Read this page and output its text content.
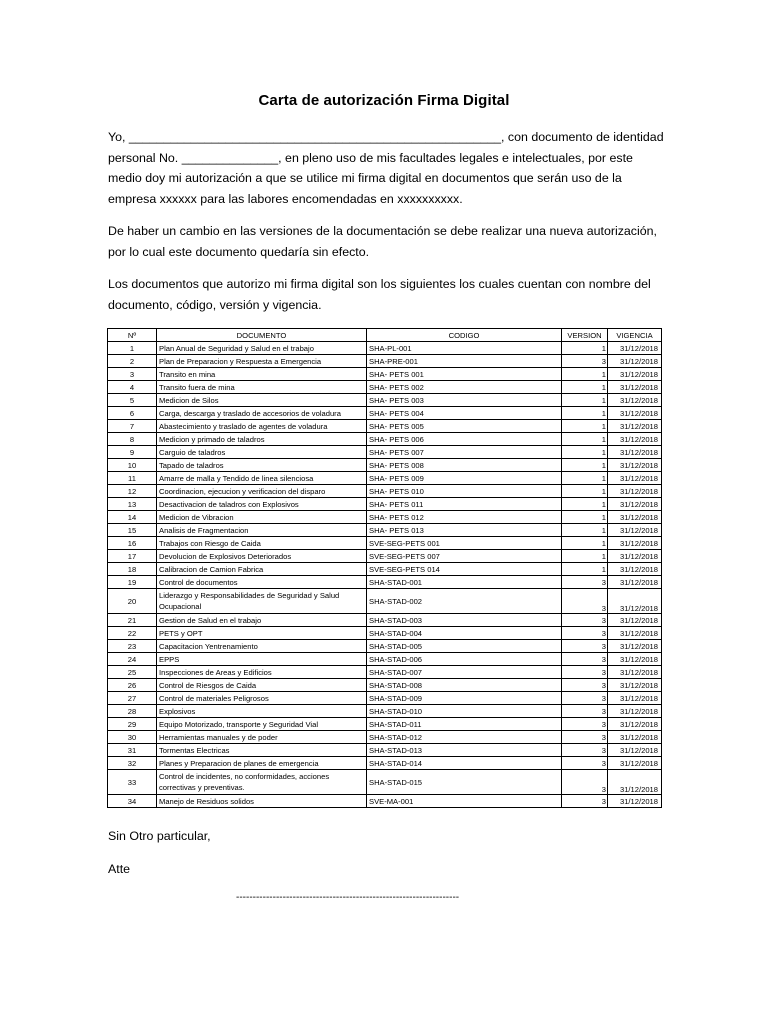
Carta de autorización Firma Digital

Yo, ______________________________________________________, con documento de identidad personal No. ______________, en pleno uso de mis facultades legales e intelectuales, por este medio doy mi autorización a que se utilice mi firma digital en documentos que serán uso de la empresa xxxxxx para las labores encomendadas en xxxxxxxxxx.

De haber un cambio en las versiones de la documentación se debe realizar una nueva autorización, por lo cual este documento quedaría sin efecto.

Los documentos que autorizo mi firma digital son los siguientes los cuales cuentan con nombre del documento, código, versión y vigencia.

Nº	DOCUMENTO	CODIGO	VERSION	VIGENCIA
1	Plan Anual de Seguridad y Salud en el trabajo	SHA-PL-001	1	31/12/2018
2	Plan de Preparacion y Respuesta a Emergencia	SHA-PRE-001	3	31/12/2018
3	Transito en mina	SHA- PETS 001	1	31/12/2018
4	Transito fuera de mina	SHA- PETS 002	1	31/12/2018
5	Medicion de Silos	SHA- PETS 003	1	31/12/2018
6	Carga, descarga y traslado de accesorios de voladura	SHA- PETS 004	1	31/12/2018
7	Abastecimiento y traslado de agentes de voladura	SHA- PETS 005	1	31/12/2018
8	Medicion y primado de taladros	SHA- PETS 006	1	31/12/2018
9	Carguio de taladros	SHA- PETS 007	1	31/12/2018
10	Tapado de taladros	SHA- PETS 008	1	31/12/2018
11	Amarre de malla y Tendido de linea silenciosa	SHA- PETS 009	1	31/12/2018
12	Coordinacion, ejecucion y verificacion del disparo	SHA- PETS 010	1	31/12/2018
13	Desactivacion de taladros con Explosivos	SHA- PETS 011	1	31/12/2018
14	Medicion de Vibracion	SHA- PETS 012	1	31/12/2018
15	Analisis de Fragmentacion	SHA- PETS 013	1	31/12/2018
16	Trabajos con Riesgo de Caida	SVE-SEG-PETS 001	1	31/12/2018
17	Devolucion de Explosivos Deteriorados	SVE-SEG-PETS 007	1	31/12/2018
18	Calibracion de Camion Fabrica	SVE-SEG-PETS 014	1	31/12/2018
19	Control de documentos	SHA-STAD-001	3	31/12/2018
20	Liderazgo y Responsabilidades de Seguridad y Salud Ocupacional	SHA-STAD-002	3	31/12/2018
21	Gestion de Salud en el trabajo	SHA-STAD-003	3	31/12/2018
22	PETS y OPT	SHA-STAD-004	3	31/12/2018
23	Capacitacion Yentrenamiento	SHA-STAD-005	3	31/12/2018
24	EPPS	SHA-STAD-006	3	31/12/2018
25	Inspecciones de Areas y Edificios	SHA-STAD-007	3	31/12/2018
26	Control de Riesgos de Caida	SHA-STAD-008	3	31/12/2018
27	Control de materiales Peligrosos	SHA-STAD-009	3	31/12/2018
28	Explosivos	SHA-STAD-010	3	31/12/2018
29	Equipo Motorizado, transporte y Seguridad Vial	SHA-STAD-011	3	31/12/2018
30	Herramientas manuales y de poder	SHA-STAD-012	3	31/12/2018
31	Tormentas Electricas	SHA-STAD-013	3	31/12/2018
32	Planes y Preparacion de planes de emergencia	SHA-STAD-014	3	31/12/2018
33	Control de incidentes, no conformidades, acciones correctivas y preventivas.	SHA-STAD-015	3	31/12/2018
34	Manejo de Residuos solidos	SVE-MA-001	3	31/12/2018
Sin Otro particular,
Atte
-------------------------------------------------------------------
